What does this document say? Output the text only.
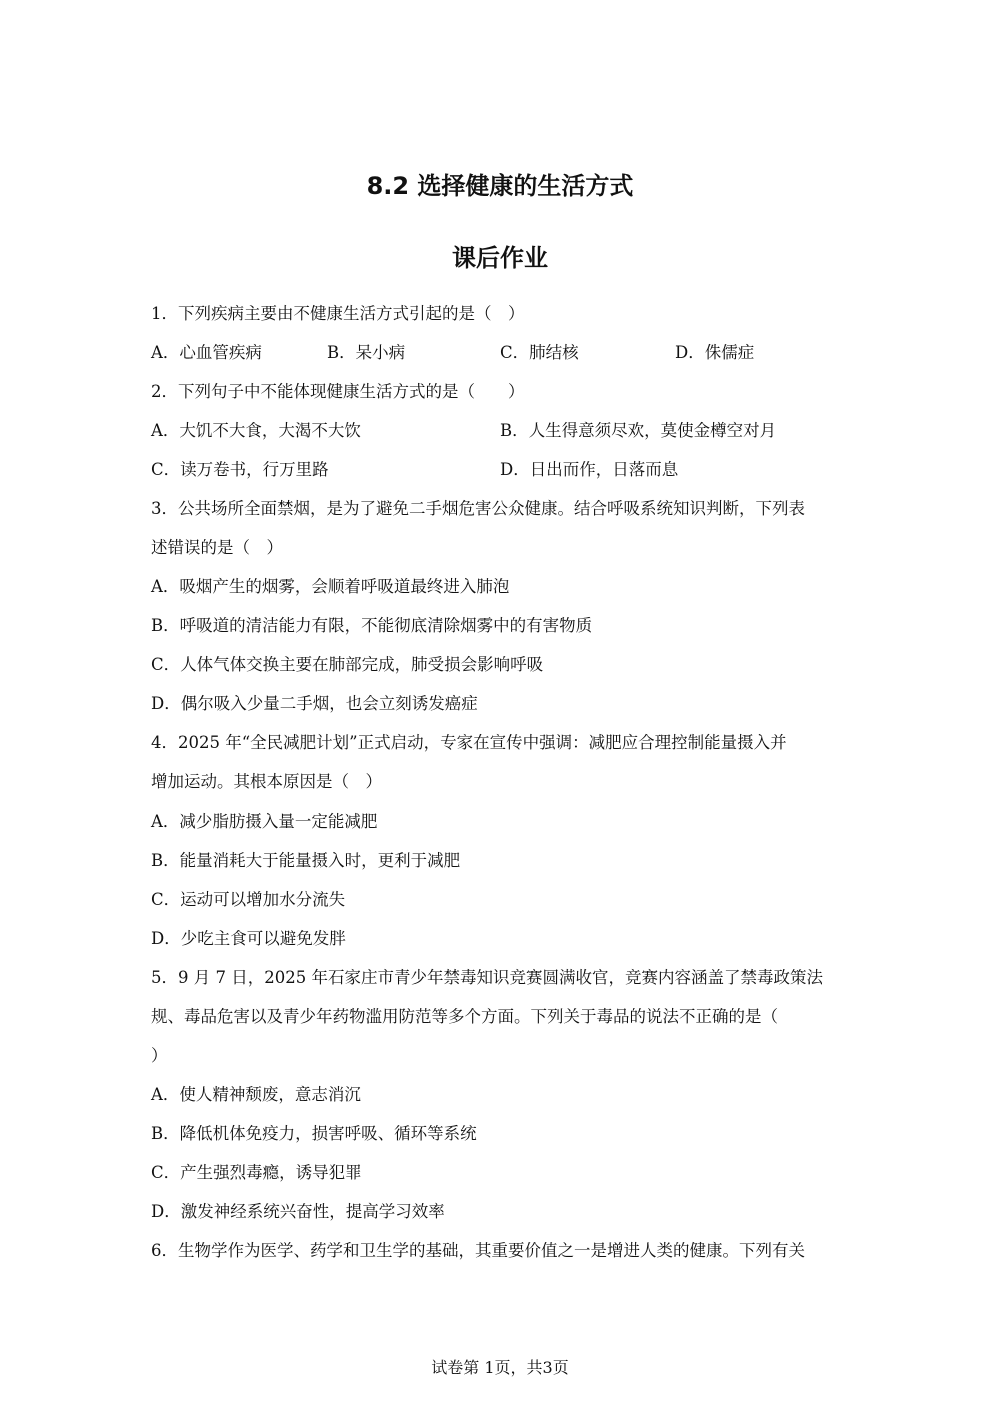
8.2 选择健康的生活方式
课后作业
1．下列疾病主要由不健康生活方式引起的是（　）
A．心血管疾病	B．呆小病	C．肺结核	D．侏儒症
2．下列句子中不能体现健康生活方式的是（　　）
A．大饥不大食，大渴不大饮	B．人生得意须尽欢，莫使金樽空对月
C．读万卷书，行万里路	D．日出而作，日落而息
3．公共场所全面禁烟，是为了避免二手烟危害公众健康。结合呼吸系统知识判断，下列表
述错误的是（　）
A．吸烟产生的烟雾，会顺着呼吸道最终进入肺泡
B．呼吸道的清洁能力有限，不能彻底清除烟雾中的有害物质
C．人体气体交换主要在肺部完成，肺受损会影响呼吸
D．偶尔吸入少量二手烟，也会立刻诱发癌症
4．2025 年“全民减肥计划”正式启动，专家在宣传中强调：减肥应合理控制能量摄入并
增加运动。其根本原因是（　）
A．减少脂肪摄入量一定能减肥
B．能量消耗大于能量摄入时，更利于减肥
C．运动可以增加水分流失
D．少吃主食可以避免发胖
5．9 月 7 日，2025 年石家庄市青少年禁毒知识竞赛圆满收官，竞赛内容涵盖了禁毒政策法
规、毒品危害以及青少年药物滥用防范等多个方面。下列关于毒品的说法不正确的是（
）
A．使人精神颓废，意志消沉
B．降低机体免疫力，损害呼吸、循环等系统
C．产生强烈毒瘾，诱导犯罪
D．激发神经系统兴奋性，提高学习效率
6．生物学作为医学、药学和卫生学的基础，其重要价值之一是增进人类的健康。下列有关
试卷第 1页，共3页
